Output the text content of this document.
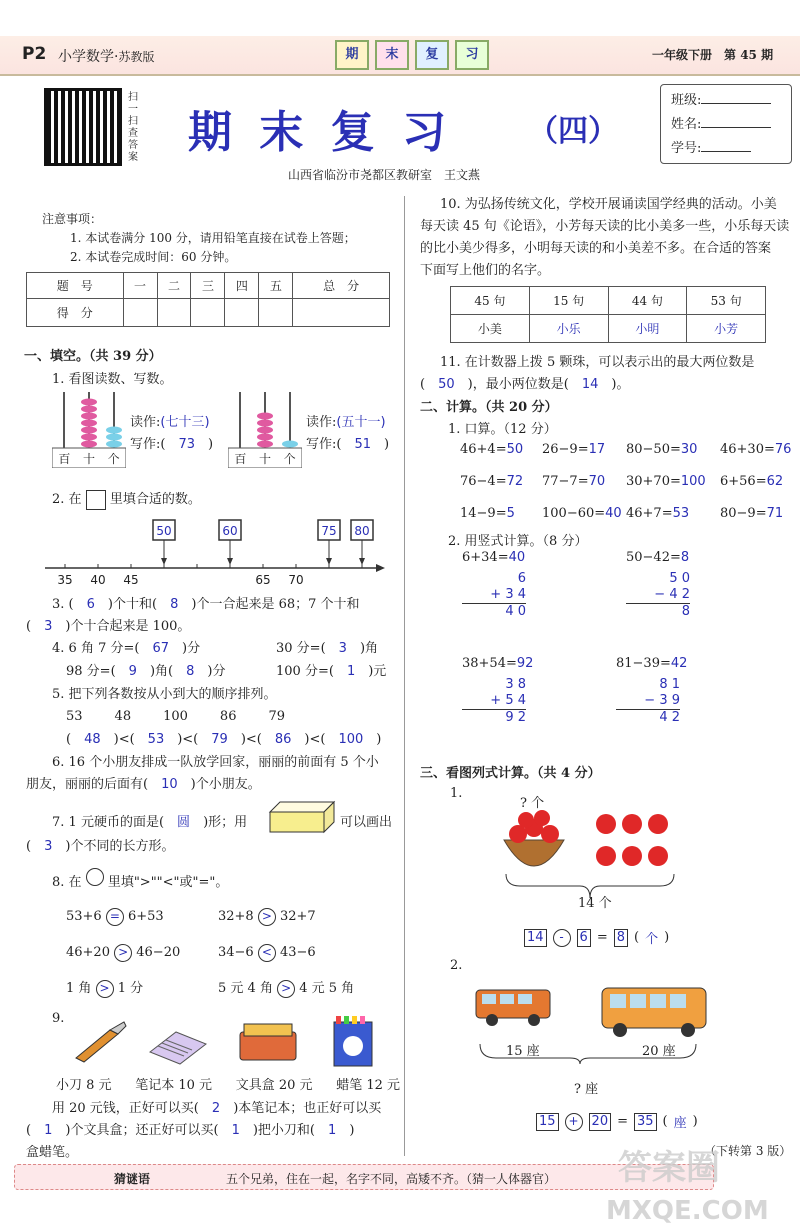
P2 小学数学·苏教版	期	末	复	习	一年级下册　 第 45 期
扫一扫
查答案 期 末 复 习	（四）
山西省临汾市尧都区教研室　王文燕
班级:
姓名:
学号:
注意事项：
1. 本试卷满分 100 分，请用铅笔直接在试卷上答题；
2. 本试卷完成时间：60 分钟。
题　号	一	二	三	四	五	总　分
得　分						
一、填空。（共 39 分）
1. 看图读数、写数。
百 十 个
读作:(七十三)
写作:(　 73　 )
百 十 个
读作:(五十一)
写作:(　 51　 )
2. 在 里填合适的数。
50	60	75 80
35 40 45	65 70
3. (　 6　 )个十和(　 8　 )个一合起来是 68；7 个十和
(　 3　 )个十合起来是 100。
4. 6 角 7 分=(　 67　 )分	30 分=(　 3　 )角
98 分=(　 9　 )角(　 8　 )分	100 分=(　 1　 )元
5. 把下列各数按从小到大的顺序排列。
53 48 100 86 79
(　48　)<(　53　)<(　79　)<(　86　)<(　100　)
6. 16 个小朋友排成一队放学回家，丽丽的前面有 5 个小
朋友，丽丽的后面有(　 10　 )个小朋友。
7. 1 元硬币的面是(　 圆　 )形；用	可以画出
(　 3　 )个不同的长方形。
8. 在 里填">""<"或"="。
53+6 = 6+53	32+8 > 32+7
46+20 > 46−20	34−6 < 43−6
1 角 > 1 分	5 元 4 角 > 4 元 5 角
9.
小刀 8 元 笔记本 10 元 文具盒 20 元 蜡笔 12 元
用 20 元钱，正好可以买(　 2　 )本笔记本；也正好可以买
(　 1　 )个文具盒；还正好可以买(　 1　 )把小刀和(　 1　 )
盒蜡笔。
10. 为弘扬传统文化，学校开展诵读国学经典的活动。小美
每天读 45 句《论语》，小芳每天读的比小美多一些，小乐每天读
的比小美少得多，小明每天读的和小美差不多。在合适的答案
下面写上他们的名字。
45 句	15 句	44 句	53 句
小美	小乐	小明	小芳
11. 在计数器上拨 5 颗珠，可以表示出的最大两位数是
(　 50　 )，最小两位数是(　 14　 )。
二、计算。（共 20 分）
1. 口算。（12 分）
46+4=50	26−9=17	80−50=30	46+30=76
76−4=72	77−7=70	30+70=100	6+56=62
14−9=5	100−60=40 46+7=53	80−9=71
2. 用竖式计算。（8 分）
6+34=40
6
+ 3 4
4 0
50−42=8
5 0
− 4 2
8
38+54=92
3 8
+ 5 4
9 2
81−39=42
8 1
− 3 9
4 2
三、看图列式计算。（共 4 分）
1.
? 个
14 个
14	-	6 = 8 ( 个 )
2.
15 座	20 座
? 座
15	+ 20 = 35 ( 座 )
（下转第 3 版）
猜谜语	五个兄弟，住在一起，名字不同，高矮不齐。（猜一人体器官） 答案圈
MXQE.COM
